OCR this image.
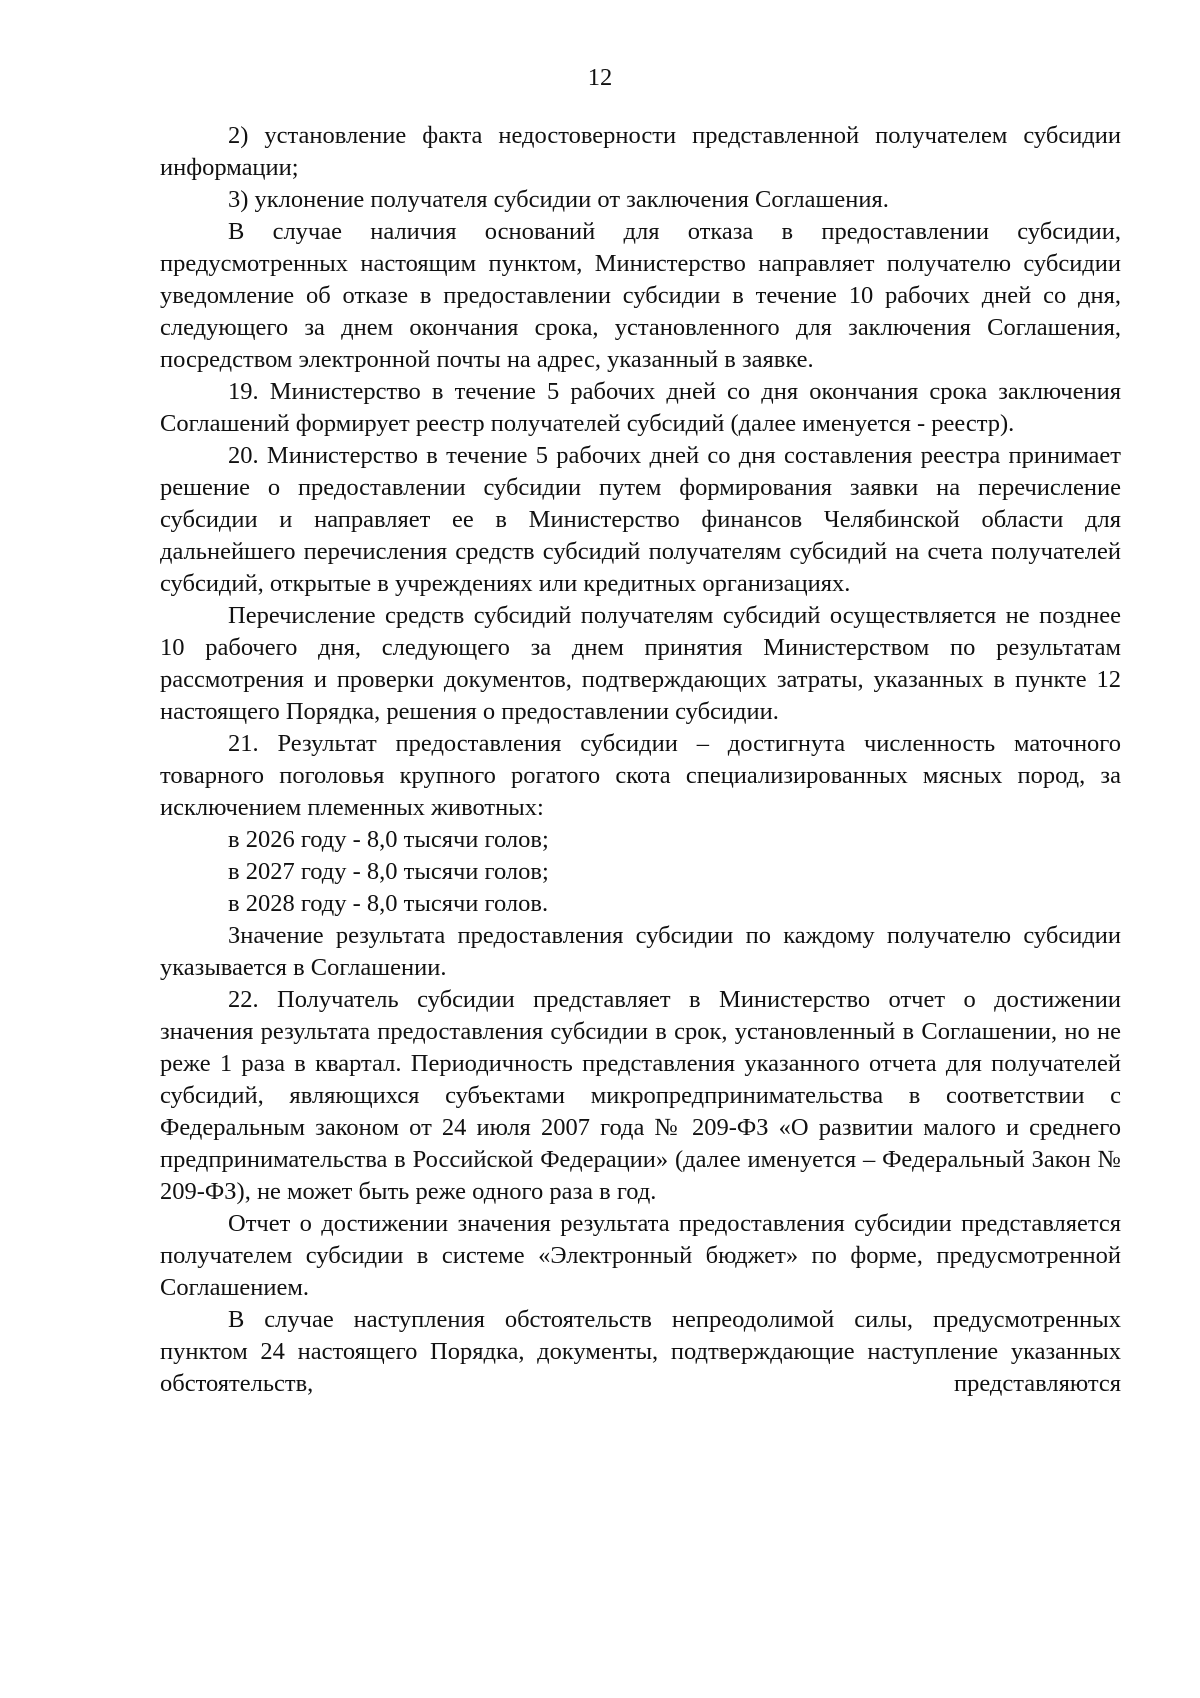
12

2) установление факта недостоверности представленной получателем субсидии информации;

3) уклонение получателя субсидии от заключения Соглашения.

В случае наличия оснований для отказа в предоставлении субсидии, предусмотренных настоящим пунктом, Министерство направляет получателю субсидии уведомление об отказе в предоставлении субсидии в течение 10 рабочих дней со дня, следующего за днем окончания срока, установленного для заключения Соглашения, посредством электронной почты на адрес, указанный в заявке.

19. Министерство в течение 5 рабочих дней со дня окончания срока заключения Соглашений формирует реестр получателей субсидий (далее именуется - реестр).

20. Министерство в течение 5 рабочих дней со дня составления реестра принимает решение о предоставлении субсидии путем формирования заявки на перечисление субсидии и направляет ее в Министерство финансов Челябинской области для дальнейшего перечисления средств субсидий получателям субсидий на счета получателей субсидий, открытые в учреждениях или кредитных организациях.

Перечисление средств субсидий получателям субсидий осуществляется не позднее 10 рабочего дня, следующего за днем принятия Министерством по результатам рассмотрения и проверки документов, подтверждающих затраты, указанных в пункте 12 настоящего Порядка, решения о предоставлении субсидии.

21. Результат предоставления субсидии – достигнута численность маточного товарного поголовья крупного рогатого скота специализированных мясных пород, за исключением племенных животных:

в 2026 году - 8,0 тысячи голов;

в 2027 году - 8,0 тысячи голов;

в 2028 году - 8,0 тысячи голов.

Значение результата предоставления субсидии по каждому получателю субсидии указывается в Соглашении.

22. Получатель субсидии представляет в Министерство отчет о достижении значения результата предоставления субсидии в срок, установленный в Соглашении, но не реже 1 раза в квартал. Периодичность представления указанного отчета для получателей субсидий, являющихся субъектами микропредпринимательства в соответствии с Федеральным законом от 24 июля 2007 года № 209-ФЗ «О развитии малого и среднего предпринимательства в Российской Федерации» (далее именуется – Федеральный Закон № 209-ФЗ), не может быть реже одного раза в год.

Отчет о достижении значения результата предоставления субсидии представляется получателем субсидии в системе «Электронный бюджет» по форме, предусмотренной Соглашением.

В случае наступления обстоятельств непреодолимой силы, предусмотренных пунктом 24 настоящего Порядка, документы, подтверждающие наступление указанных обстоятельств, представляются
